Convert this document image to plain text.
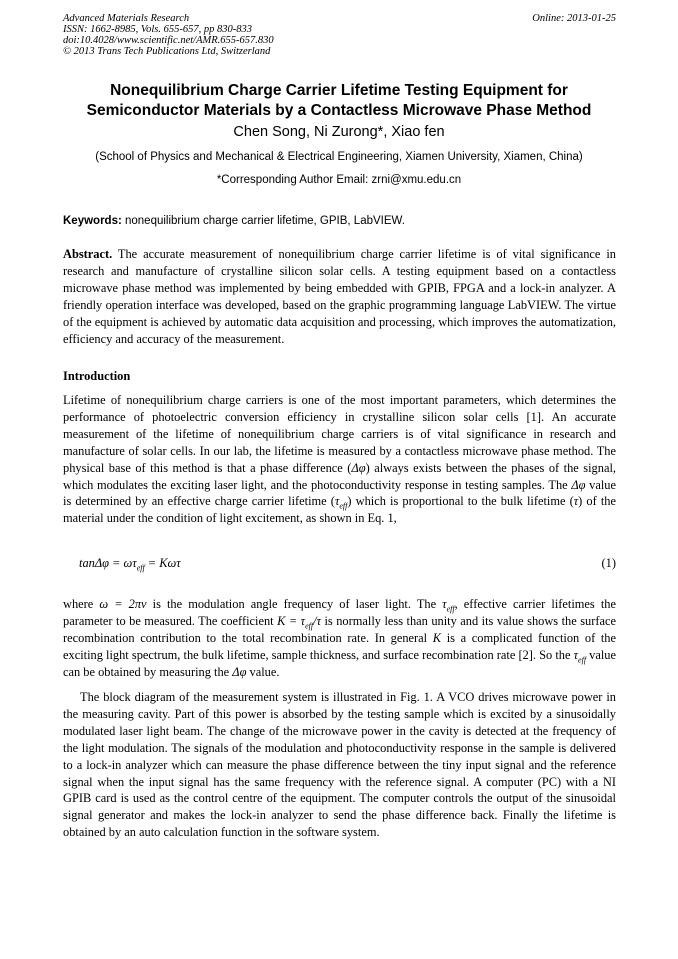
Advanced Materials Research
ISSN: 1662-8985, Vols. 655-657, pp 830-833
doi:10.4028/www.scientific.net/AMR.655-657.830
© 2013 Trans Tech Publications Ltd, Switzerland
Online: 2013-01-25
Nonequilibrium Charge Carrier Lifetime Testing Equipment for
Semiconductor Materials by a Contactless Microwave Phase Method
Chen Song, Ni Zurong*, Xiao fen
(School of Physics and Mechanical & Electrical Engineering, Xiamen University, Xiamen, China)
*Corresponding Author Email: zrni@xmu.edu.cn
Keywords: nonequilibrium charge carrier lifetime, GPIB, LabVIEW.

Abstract. The accurate measurement of nonequilibrium charge carrier lifetime is of vital significance in research and manufacture of crystalline silicon solar cells. A testing equipment based on a contactless microwave phase method was implemented by being embedded with GPIB, FPGA and a lock-in analyzer. A friendly operation interface was developed, based on the graphic programming language LabVIEW. The virtue of the equipment is achieved by automatic data acquisition and processing, which improves the automatization, efficiency and accuracy of the measurement.

Introduction

Lifetime of nonequilibrium charge carriers is one of the most important parameters, which determines the performance of photoelectric conversion efficiency in crystalline silicon solar cells [1]. An accurate measurement of the lifetime of nonequilibrium charge carriers is of vital significance in research and manufacture of solar cells. In our lab, the lifetime is measured by a contactless microwave phase method. The physical base of this method is that a phase difference (Δφ) always exists between the phases of the signal, which modulates the exciting laser light, and the photoconductivity response in testing samples. The Δφ value is determined by an effective charge carrier lifetime $(\tau_{eff})$ which is proportional to the bulk lifetime (τ) of the material under the condition of light excitement, as shown in Eq. 1,

$\tan\Delta\varphi = \omega\tau_{eff} = K\omega\tau$	(1)

where ω = 2πν is the modulation angle frequency of laser light. The $\tau_{eff}$, effective carrier lifetimes the parameter to be measured. The coefficient $K = \tau_{eff}/\tau$ is normally less than unity and its value shows the surface recombination contribution to the total recombination rate. In general K is a complicated function of the exciting light spectrum, the bulk lifetime, sample thickness, and surface recombination rate [2]. So the $\tau_{eff}$ value can be obtained by measuring the Δφ value.

The block diagram of the measurement system is illustrated in Fig. 1. A VCO drives microwave power in the measuring cavity. Part of this power is absorbed by the testing sample which is excited by a sinusoidally modulated laser light beam. The change of the microwave power in the cavity is detected at the frequency of the light modulation. The signals of the modulation and photoconductivity response in the sample is delivered to a lock-in analyzer which can measure the phase difference between the tiny input signal and the reference signal when the input signal has the same frequency with the reference signal. A computer (PC) with a NI GPIB card is used as the control centre of the equipment. The computer controls the output of the sinusoidal signal generator and makes the lock-in analyzer to send the phase difference back. Finally the lifetime is obtained by an auto calculation function in the software system.
